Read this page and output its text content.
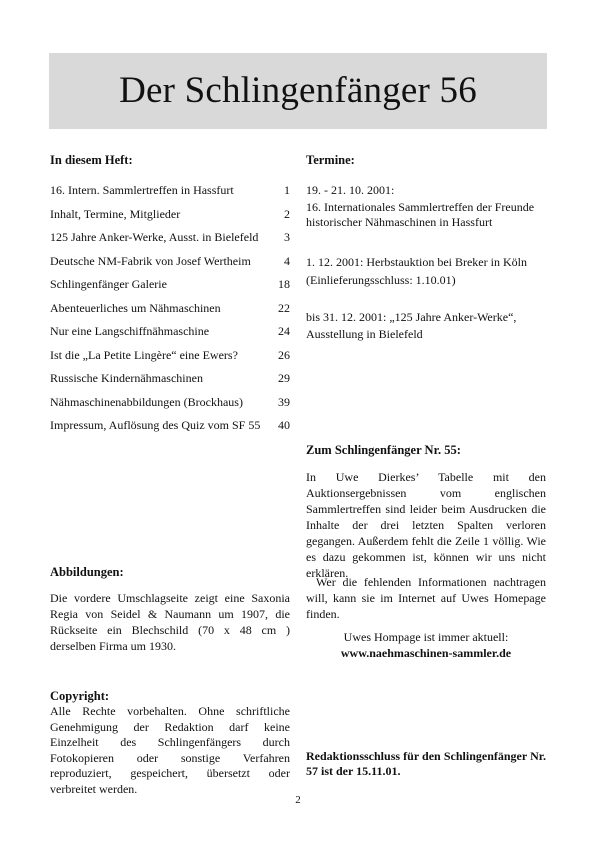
Der Schlingenfänger 56
In diesem Heft:
16. Intern. Sammlertreffen in Hassfurt	1
Inhalt, Termine, Mitglieder	2
125 Jahre Anker-Werke, Ausst. in Bielefeld 3
Deutsche NM-Fabrik von Josef Wertheim	4
Schlingenfänger Galerie	18
Abenteuerliches um Nähmaschinen	22
Nur eine Langschiffnähmaschine	24
Ist die „La Petite Lingère“ eine Ewers?	26
Russische Kindernähmaschinen	29
Nähmaschinenabbildungen (Brockhaus)	39
Impressum, Auflösung des Quiz vom SF 55 40
Termine:
19. - 21. 10. 2001:
16. Internationales Sammlertreffen der Freunde
historischer Nähmaschinen in Hassfurt
1. 12. 2001: Herbstauktion bei Breker in Köln
(Einlieferungsschluss: 1.10.01)
bis 31. 12. 2001: „125 Jahre Anker-Werke“,
Ausstellung in Bielefeld
Zum Schlingenfänger Nr. 55:
In Uwe Dierkes’ Tabelle mit den Auktionsergebnissen vom englischen Sammlertreffen sind leider beim Ausdrucken die Inhalte der drei letzten Spalten verloren gegangen. Außerdem fehlt die Zeile 1 völlig. Wie es dazu gekommen ist, können wir uns nicht erklären.
Wer die fehlenden Informationen nachtragen will, kann sie im Internet auf Uwes Homepage finden.
Uwes Hompage ist immer aktuell:
www.naehmaschinen-sammler.de
Abbildungen:
Die vordere Umschlagseite zeigt eine Saxonia Regia von Seidel & Naumann um 1907, die Rückseite ein Blechschild (70 x 48 cm ) derselben Firma um 1930.
Copyright:
Alle Rechte vorbehalten. Ohne schriftliche Genehmigung der Redaktion darf keine Einzelheit des Schlingenfängers durch Fotokopieren oder sonstige Verfahren reproduziert, gespeichert, übersetzt oder verbreitet werden.
Redaktionsschluss für den Schlingenfänger Nr. 57 ist der 15.11.01.
2
